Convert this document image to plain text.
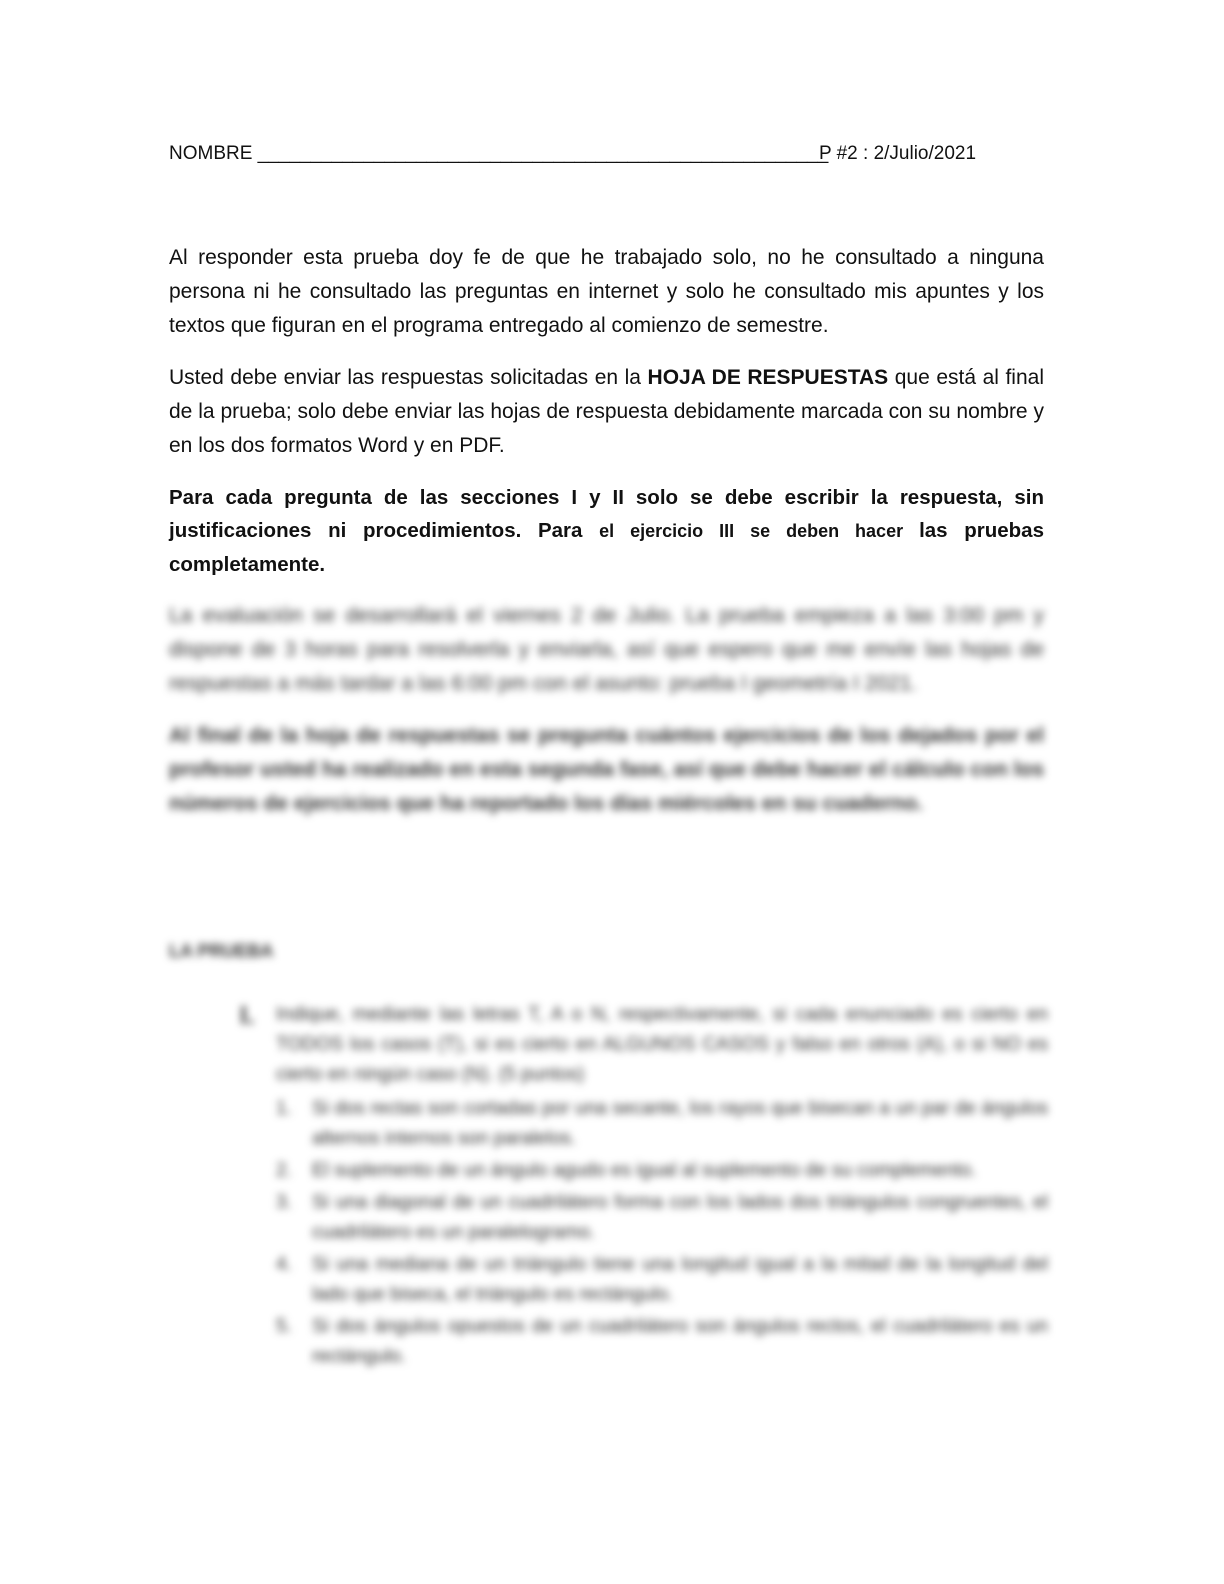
NOMBRE ______________________________________________________
P #2 : 2/Julio/2021
Al responder esta prueba doy fe de que he trabajado solo, no he consultado a ninguna persona ni he consultado las preguntas en internet y solo he consultado mis apuntes y los textos que figuran en el programa entregado al comienzo de semestre.
Usted debe enviar las respuestas solicitadas en la HOJA DE RESPUESTAS que está al final de la prueba; solo debe enviar las hojas de respuesta debidamente marcada con su nombre y en los dos formatos Word y en PDF.
Para cada pregunta de las secciones I y II solo se debe escribir la respuesta, sin justificaciones ni procedimientos. Para el ejercicio III se deben hacer las pruebas completamente.
La evaluación se desarrollará el viernes 2 de Julio. La prueba empieza a las 3:00 pm y dispone de 3 horas para resolverla y enviarla, así que espero que me envíe las hojas de respuestas a más tardar a las 6:00 pm con el asunto: prueba I geometría I 2021.
Al final de la hoja de respuestas se pregunta cuántos ejercicios de los dejados por el profesor usted ha realizado en esta segunda fase, así que debe hacer el cálculo con los números de ejercicios que ha reportado los días miércoles en su cuaderno.
LA PRUEBA
I. Indique, mediante las letras T, A o N, respectivamente, si cada enunciado es cierto en TODOS los casos (T), si es cierto en ALGUNOS CASOS y falso en otros (A), o si NO es cierto en ningún caso (N). (5 puntos)
1. Si dos rectas son cortadas por una secante, los rayos que bisecan a un par de ángulos alternos internos son paralelos.
2. El suplemento de un ángulo agudo es igual al suplemento de su complemento.
3. Si una diagonal de un cuadrilátero forma con los lados dos triángulos congruentes, el cuadrilátero es un paralelogramo.
4. Si una mediana de un triángulo tiene una longitud igual a la mitad de la longitud del lado que biseca, el triángulo es rectángulo.
5. Si dos ángulos opuestos de un cuadrilátero son ángulos rectos, el cuadrilátero es un rectángulo.
